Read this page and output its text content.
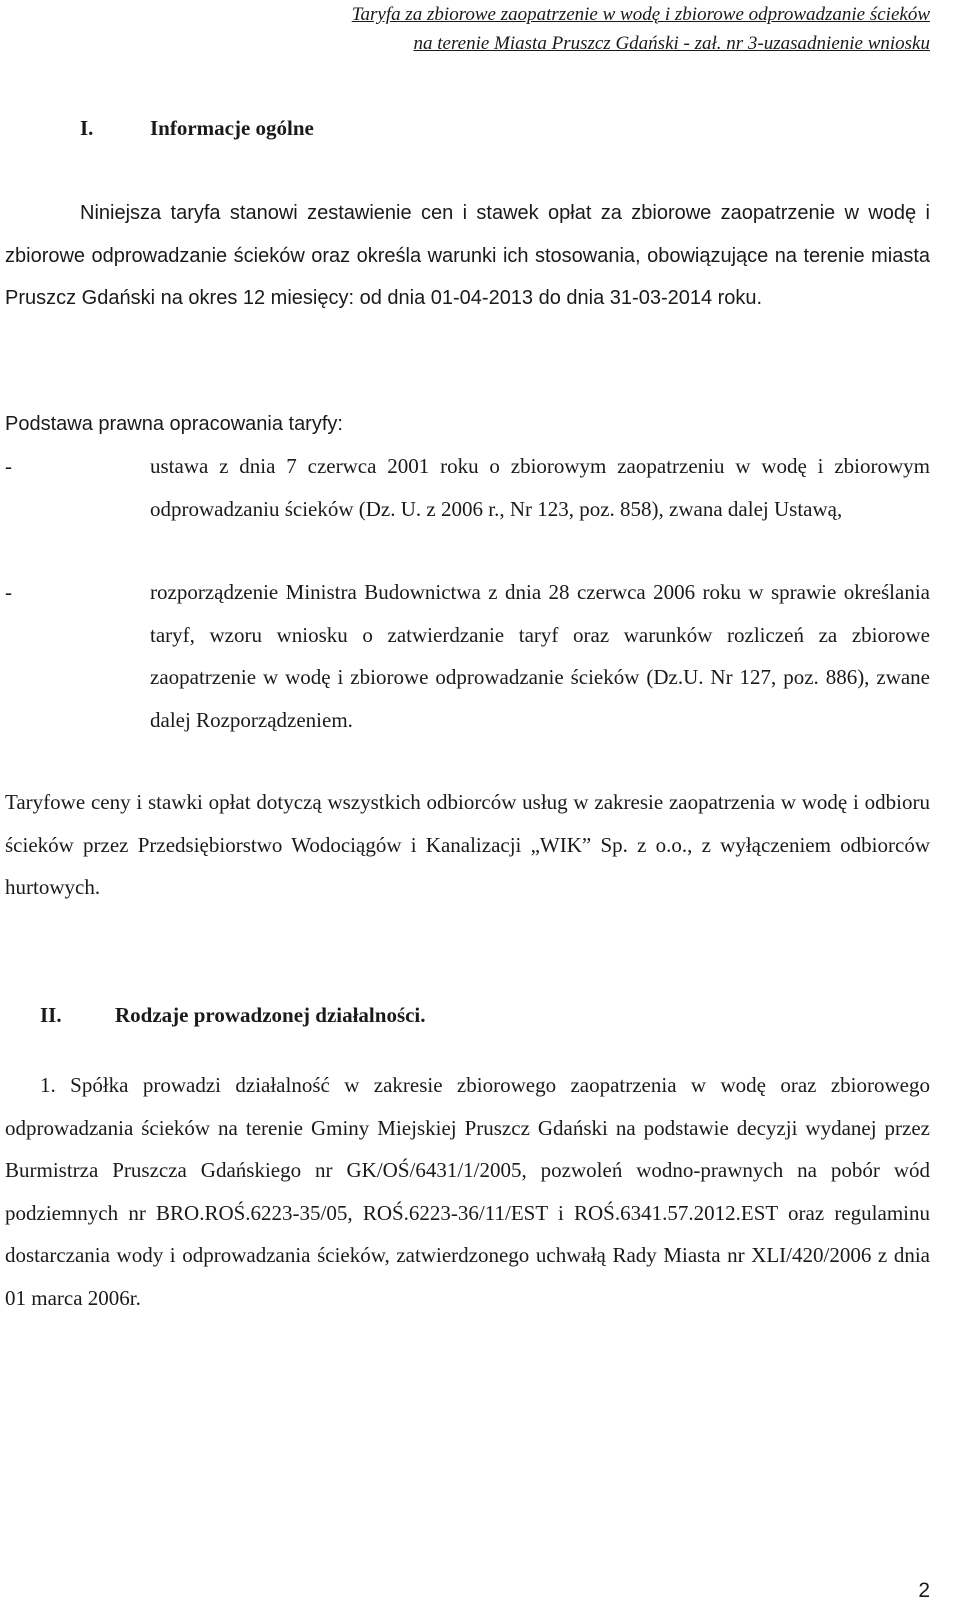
Taryfa za zbiorowe zaopatrzenie w wodę i zbiorowe odprowadzanie ścieków
na terenie Miasta Pruszcz Gdański - zał. nr 3-uzasadnienie wniosku
I.	Informacje ogólne

Niniejsza taryfa stanowi zestawienie cen i stawek opłat za zbiorowe zaopatrzenie w wodę i zbiorowe odprowadzanie ścieków oraz określa warunki ich stosowania, obowiązujące na terenie miasta Pruszcz Gdański na okres 12 miesięcy: od dnia 01-04-2013 do dnia 31-03-2014 roku.

Podstawa prawna opracowania taryfy:

-	ustawa z dnia 7 czerwca 2001 roku o zbiorowym zaopatrzeniu w wodę i zbiorowym odprowadzaniu ścieków (Dz. U. z 2006 r., Nr 123, poz. 858), zwana dalej Ustawą,

-	rozporządzenie Ministra Budownictwa z dnia 28 czerwca 2006 roku w sprawie określania taryf, wzoru wniosku o zatwierdzanie taryf oraz warunków rozliczeń za zbiorowe zaopatrzenie w wodę i zbiorowe odprowadzanie ścieków (Dz.U. Nr 127, poz. 886), zwane dalej Rozporządzeniem.

Taryfowe ceny i stawki opłat dotyczą wszystkich odbiorców usług w zakresie zaopatrzenia w wodę i odbioru ścieków przez Przedsiębiorstwo Wodociągów i Kanalizacji „WIK” Sp. z o.o., z wyłączeniem odbiorców hurtowych.

II.	Rodzaje prowadzonej działalności.

1. Spółka prowadzi działalność w zakresie zbiorowego zaopatrzenia w wodę oraz zbiorowego odprowadzania ścieków na terenie Gminy Miejskiej Pruszcz Gdański na podstawie decyzji wydanej przez Burmistrza Pruszcza Gdańskiego nr GK/OŚ/6431/1/2005, pozwoleń wodno-prawnych na pobór wód podziemnych nr BRO.ROŚ.6223-35/05, ROŚ.6223-36/11/EST i ROŚ.6341.57.2012.EST oraz regulaminu dostarczania wody i odprowadzania ścieków, zatwierdzonego uchwałą Rady Miasta nr XLI/420/2006 z dnia 01 marca 2006r.

2
